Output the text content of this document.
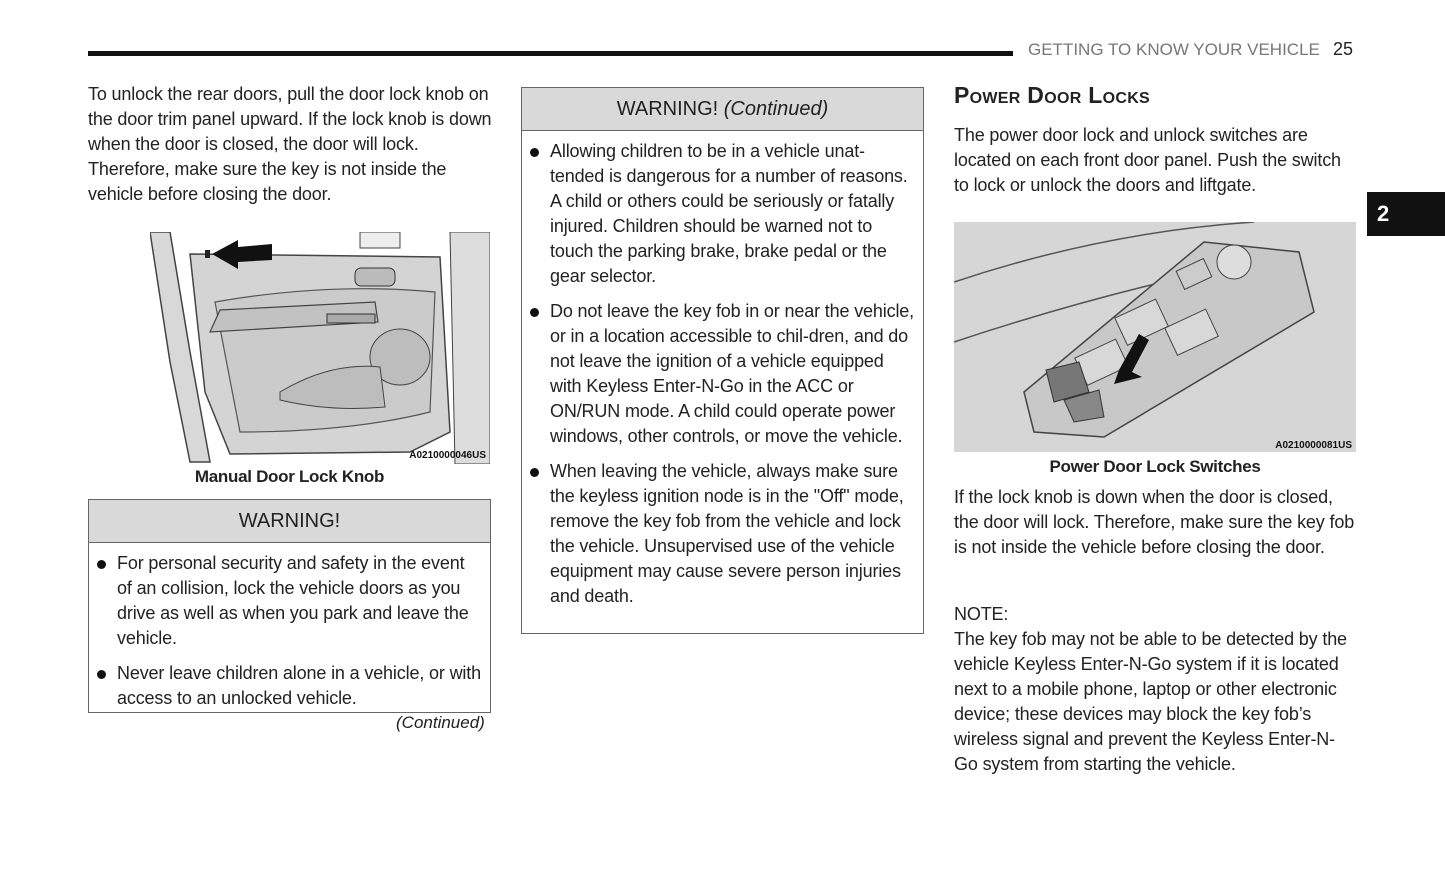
GETTING TO KNOW YOUR VEHICLE 25
2

To unlock the rear doors, pull the door lock knob on the door trim panel upward. If the lock knob is down when the door is closed, the door will lock. Therefore, make sure the key is not inside the vehicle before closing the door.

A0210000046US
Manual Door Lock Knob
WARNING!
For personal security and safety in the event of an collision, lock the vehicle doors as you drive as well as when you park and leave the vehicle.
Never leave children alone in a vehicle, or with access to an unlocked vehicle.
(Continued)
WARNING! (Continued)
Allowing children to be in a vehicle unat-tended is dangerous for a number of reasons. A child or others could be seriously or fatally injured. Children should be warned not to touch the parking brake, brake pedal or the gear selector.
Do not leave the key fob in or near the vehicle, or in a location accessible to chil-dren, and do not leave the ignition of a vehicle equipped with Keyless Enter-N-Go in the ACC or ON/RUN mode. A child could operate power windows, other controls, or move the vehicle.
When leaving the vehicle, always make sure the keyless ignition node is in the "Off" mode, remove the key fob from the vehicle and lock the vehicle. Unsupervised use of the vehicle equipment may cause severe person injuries and death.
Power Door Locks

The power door lock and unlock switches are located on each front door panel. Push the switch to lock or unlock the doors and liftgate.

A0210000081US
Power Door Lock Switches

If the lock knob is down when the door is closed, the door will lock. Therefore, make sure the key fob is not inside the vehicle before closing the door.

NOTE:

The key fob may not be able to be detected by the vehicle Keyless Enter-N-Go system if it is located next to a mobile phone, laptop or other electronic device; these devices may block the key fob’s wireless signal and prevent the Keyless Enter-N-Go system from starting the vehicle.
